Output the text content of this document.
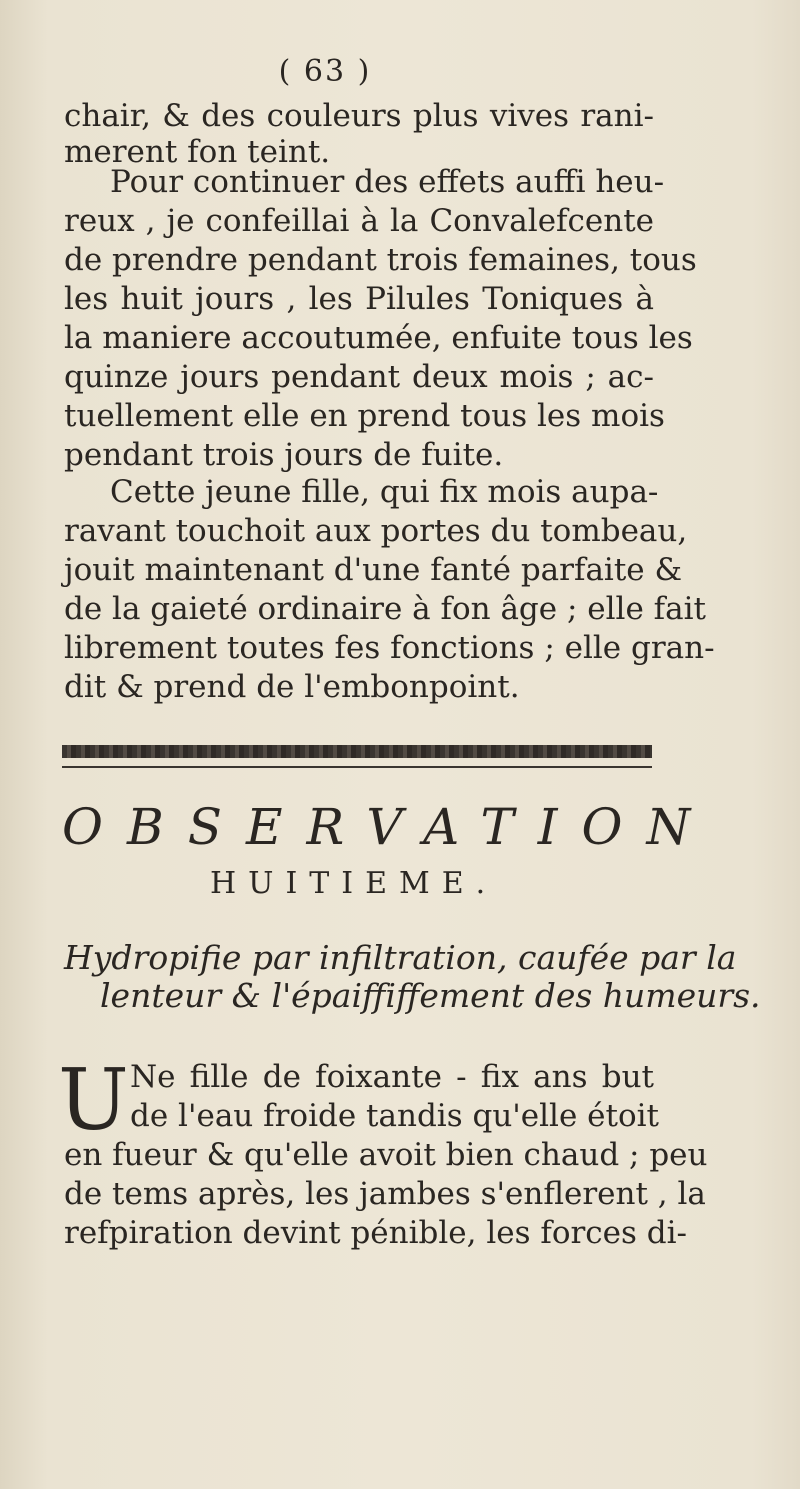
( 63 )
chair, & des couleurs plus vives rani-
merent fon teint.
Pour continuer des effets auffi heu-
reux , je confeillai à la Convalefcente
de prendre pendant trois femaines, tous
les huit jours , les Pilules Toniques à
la maniere accoutumée, enfuite tous les
quinze jours pendant deux mois ; ac-
tuellement elle en prend tous les mois
pendant trois jours de fuite.
Cette jeune fille, qui fix mois aupa-
ravant touchoit aux portes du tombeau,
jouit maintenant d'une fanté parfaite &
de la gaieté ordinaire à fon âge ; elle fait
librement toutes fes fonctions ; elle gran-
dit & prend de l'embonpoint.
OBSERVATION
HUITIEME.
Hydropifie par infiltration, caufée par la
lenteur & l'épaiffiffement des humeurs.
U Ne fille de foixante - fix ans but
de l'eau froide tandis qu'elle étoit
en fueur & qu'elle avoit bien chaud ; peu
de tems après, les jambes s'enflerent , la
refpiration devint pénible, les forces di-
